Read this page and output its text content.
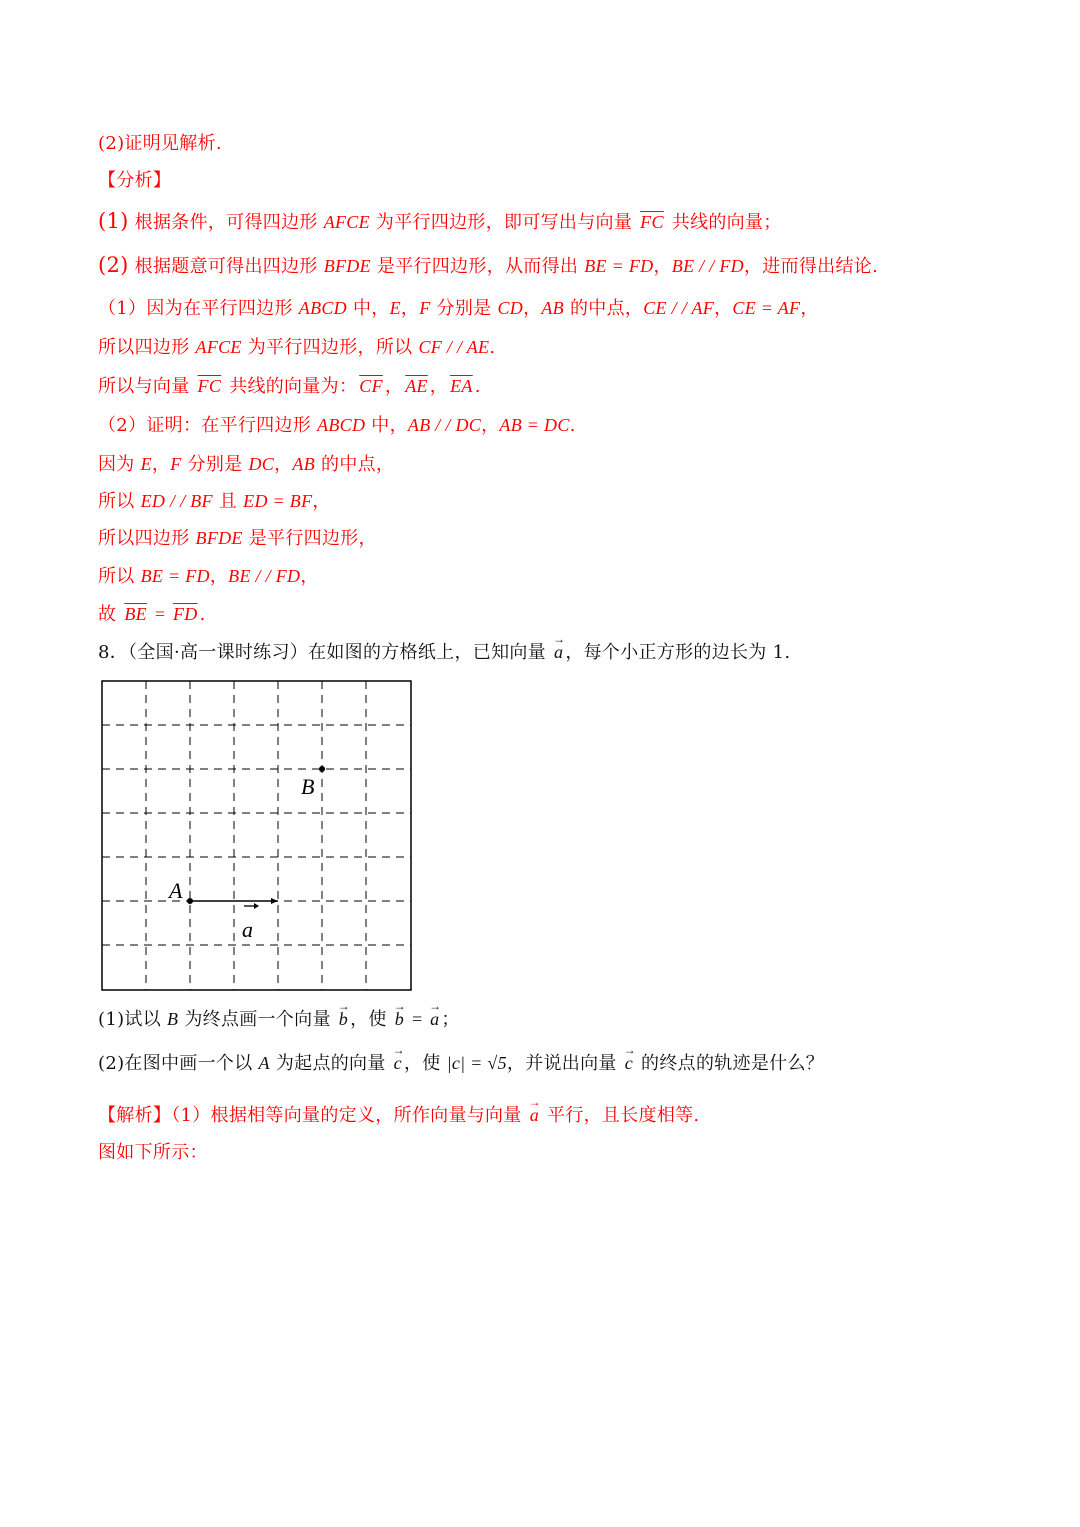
(2)证明见解析.
【分析】
(1) 根据条件，可得四边形 AFCE 为平行四边形，即可写出与向量 $\overline{FC}$ 共线的向量；
(2) 根据题意可得出四边形 BFDE 是平行四边形，从而得出 BE = FD，BE / / FD，进而得出结论.
（1）因为在平行四边形 ABCD 中，E，F 分别是 CD，AB 的中点，CE / / AF，CE = AF，
所以四边形 AFCE 为平行四边形，所以 CF / / AE.
所以与向量 $\overline{FC}$ 共线的向量为： $\overline{CF}$ ， $\overline{AE}$ ， $\overline{EA}$ .
（2）证明：在平行四边形 ABCD 中，AB / / DC，AB = DC.
因为 E，F 分别是 DC，AB 的中点，
所以 ED / / BF 且 ED = BF，
所以四边形 BFDE 是平行四边形，
所以 BE = FD，BE / / FD，
故 $\overline{BE} = \overline{FD}$ .
8．（全国·高一课时练习）在如图的方格纸上，已知向量 → a ，每个小正方形的边长为 1.
B
A
a
(1)试以 B 为终点画一个向量 → b ，使 → b = → a ；
(2)在图中画一个以 A 为起点的向量 → c ，使 |c| = √5，并说出向量 → c 的终点的轨迹是什么？
【解析】（1）根据相等向量的定义，所作向量与向量 → a 平行，且长度相等.
图如下所示：
